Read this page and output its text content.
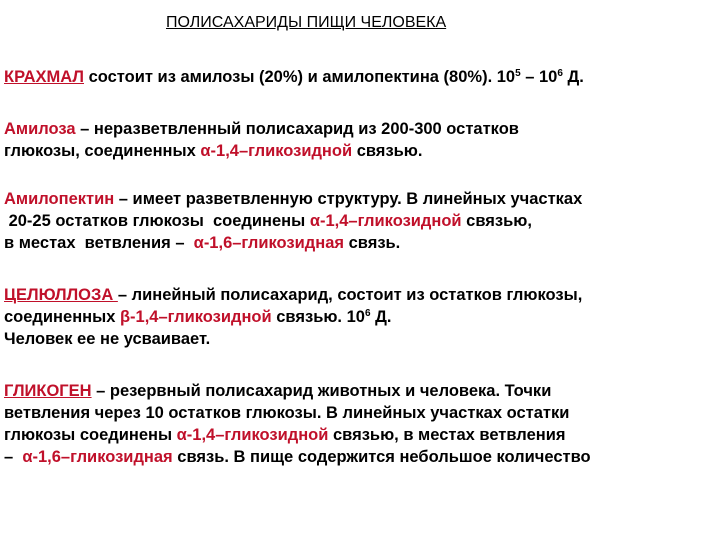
ПОЛИСАХАРИДЫ ПИЩИ ЧЕЛОВЕКА
КРАХМАЛ состоит из амилозы (20%) и амилопектина (80%). $10^5 - 10^6$ Д.
Амилоза – неразветвленный полисахарид из 200-300 остатков
глюкозы, соединенных α-1,4–гликозидной связью.
Амилопектин – имеет разветвленную структуру. В линейных участках
20-25 остатков глюкозы  соединены α-1,4–гликозидной связью,
в местах  ветвления –  α-1,6–гликозидная связь.
ЦЕЛЮЛЛОЗА – линейный полисахарид, состоит из остатков глюкозы,
соединенных β-1,4–гликозидной связью. $10^6$ Д.
Человек ее не усваивает.
ГЛИКОГЕН – резервный полисахарид животных и человека. Точки
ветвления через 10 остатков глюкозы. В линейных участках остатки
глюкозы соединены α-1,4–гликозидной связью, в местах ветвления
–  α-1,6–гликозидная связь. В пище содержится небольшое количество
